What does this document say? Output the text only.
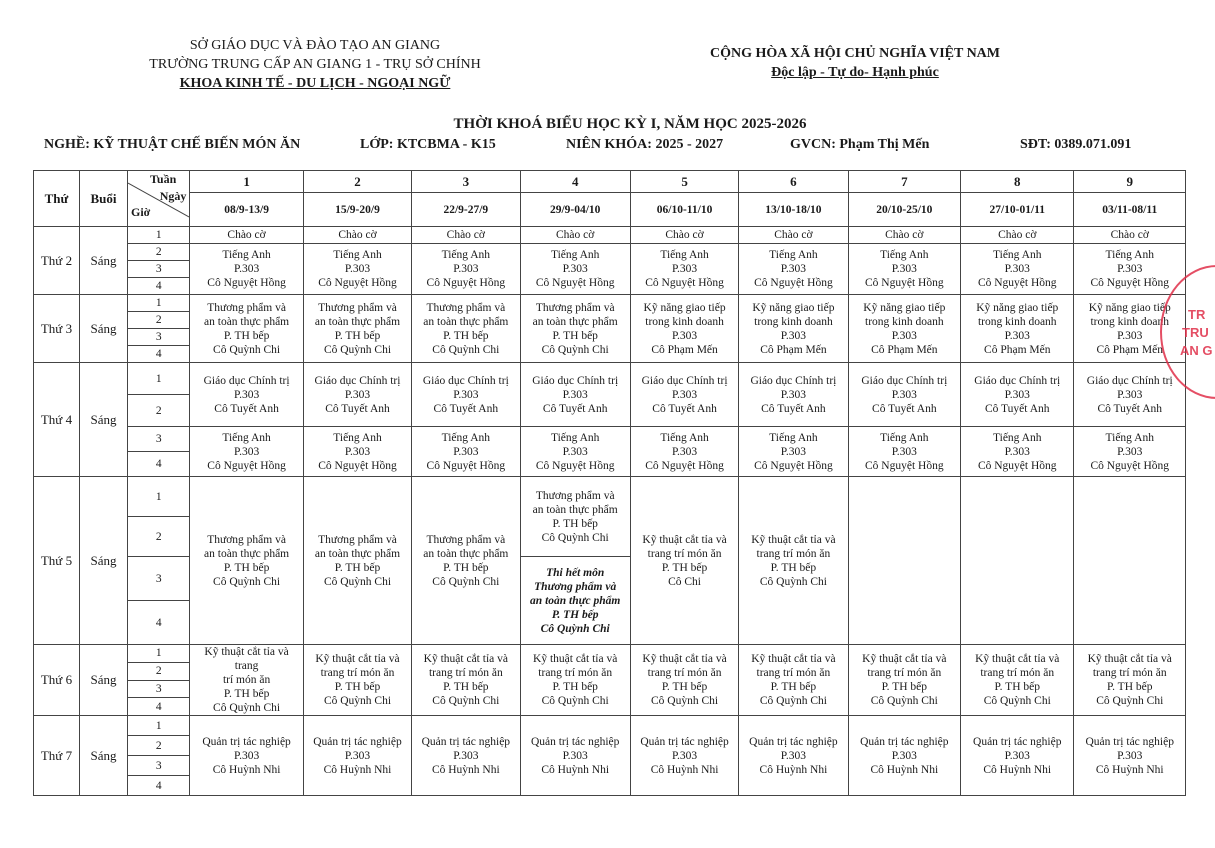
SỞ GIÁO DỤC VÀ ĐÀO TẠO AN GIANG
TRƯỜNG TRUNG CẤP AN GIANG 1 - TRỤ SỞ CHÍNH
KHOA KINH TẾ - DU LỊCH - NGOẠI NGỮ
CỘNG HÒA XÃ HỘI CHỦ NGHĨA VIỆT NAM
Độc lập - Tự do- Hạnh phúc
THỜI KHOÁ BIỂU HỌC KỲ I, NĂM HỌC 2025-2026
NGHỀ: KỸ THUẬT CHẾ BIẾN MÓN ĂN	LỚP: KTCBMA - K15	NIÊN KHÓA: 2025 - 2027	GVCN: Phạm Thị Mến	SĐT: 0389.071.091
Thứ	Buổi	Tuần
Ngày
Giờ	1	2	3	4	5	6	7	8	9
			08/9-13/9	15/9-20/9	22/9-27/9	29/9-04/10	06/10-11/10	13/10-18/10	20/10-25/10	27/10-01/11	03/11-08/11
Thứ 2	Sáng	1	Chào cờ	Chào cờ	Chào cờ	Chào cờ	Chào cờ	Chào cờ	Chào cờ	Chào cờ	Chào cờ
		2	Tiếng Anh
P.303
Cô Nguyệt Hồng	Tiếng Anh
P.303
Cô Nguyệt Hồng	Tiếng Anh
P.303
Cô Nguyệt Hồng	Tiếng Anh
P.303
Cô Nguyệt Hồng	Tiếng Anh
P.303
Cô Nguyệt Hồng	Tiếng Anh
P.303
Cô Nguyệt Hồng	Tiếng Anh
P.303
Cô Nguyệt Hồng	Tiếng Anh
P.303
Cô Nguyệt Hồng	Tiếng Anh
P.303
Cô Nguyệt Hồng

		3									
		4									
Thứ 3	Sáng	1	Thương phẩm và
an toàn thực phẩm
P. TH bếp
Cô Quỳnh Chi	Thương phẩm và
an toàn thực phẩm
P. TH bếp
Cô Quỳnh Chi	Thương phẩm và
an toàn thực phẩm
P. TH bếp
Cô Quỳnh Chi	Thương phẩm và
an toàn thực phẩm
P. TH bếp
Cô Quỳnh Chi	Kỹ năng giao tiếp
trong kinh doanh
P.303
Cô Phạm Mến	Kỹ năng giao tiếp
trong kinh doanh
P.303
Cô Phạm Mến	Kỹ năng giao tiếp
trong kinh doanh
P.303
Cô Phạm Mến	Kỹ năng giao tiếp
trong kinh doanh
P.303
Cô Phạm Mến	Kỹ năng giao tiếp
trong kinh doanh
P.303
Cô Phạm Mến

		2									
		3									
		4									
Thứ 4	Sáng	1	Giáo dục Chính trị
P.303
Cô Tuyết Anh	Giáo dục Chính trị
P.303
Cô Tuyết Anh	Giáo dục Chính trị
P.303
Cô Tuyết Anh	Giáo dục Chính trị
P.303
Cô Tuyết Anh	Giáo dục Chính trị
P.303
Cô Tuyết Anh	Giáo dục Chính trị
P.303
Cô Tuyết Anh	Giáo dục Chính trị
P.303
Cô Tuyết Anh	Giáo dục Chính trị
P.303
Cô Tuyết Anh	Giáo dục Chính trị
P.303
Cô Tuyết Anh

		2									
		3	Tiếng Anh
P.303
Cô Nguyệt Hồng	Tiếng Anh
P.303
Cô Nguyệt Hồng	Tiếng Anh
P.303
Cô Nguyệt Hồng	Tiếng Anh
P.303
Cô Nguyệt Hồng	Tiếng Anh
P.303
Cô Nguyệt Hồng	Tiếng Anh
P.303
Cô Nguyệt Hồng	Tiếng Anh
P.303
Cô Nguyệt Hồng	Tiếng Anh
P.303
Cô Nguyệt Hồng	Tiếng Anh
P.303
Cô Nguyệt Hồng

		4									
Thứ 5	Sáng	1	Thương phẩm và
an toàn thực phẩm
P. TH bếp
Cô Quỳnh Chi	Thương phẩm và
an toàn thực phẩm
P. TH bếp
Cô Quỳnh Chi	Thương phẩm và
an toàn thực phẩm
P. TH bếp
Cô Quỳnh Chi	Thương phẩm và
an toàn thực phẩm
P. TH bếp
Cô Quỳnh Chi	Kỹ thuật cắt tỉa và
trang trí món ăn
P. TH bếp
Cô Chi	Kỹ thuật cắt tỉa và
trang trí món ăn
P. TH bếp
Cô Quỳnh Chi			

		2									
		3				Thi hết môn
Thương phẩm và
an toàn thực phẩm
P. TH bếp
Cô Quỳnh Chi					

		4									
Thứ 6	Sáng	1	Kỹ thuật cắt tỉa và trang
trí món ăn
P. TH bếp
Cô Quỳnh Chi	Kỹ thuật cắt tỉa và
trang trí món ăn
P. TH bếp
Cô Quỳnh Chi	Kỹ thuật cắt tỉa và
trang trí món ăn
P. TH bếp
Cô Quỳnh Chi	Kỹ thuật cắt tỉa và
trang trí món ăn
P. TH bếp
Cô Quỳnh Chi	Kỹ thuật cắt tỉa và
trang trí món ăn
P. TH bếp
Cô Quỳnh Chi	Kỹ thuật cắt tỉa và
trang trí món ăn
P. TH bếp
Cô Quỳnh Chi	Kỹ thuật cắt tỉa và
trang trí món ăn
P. TH bếp
Cô Quỳnh Chi	Kỹ thuật cắt tỉa và
trang trí món ăn
P. TH bếp
Cô Quỳnh Chi	Kỹ thuật cắt tỉa và
trang trí món ăn
P. TH bếp
Cô Quỳnh Chi

		2									
		3									
		4									
Thứ 7	Sáng	1	Quản trị tác nghiệp
P.303
Cô Huỳnh Nhi	Quản trị tác nghiệp
P.303
Cô Huỳnh Nhi	Quản trị tác nghiệp
P.303
Cô Huỳnh Nhi	Quản trị tác nghiệp
P.303
Cô Huỳnh Nhi	Quản trị tác nghiệp
P.303
Cô Huỳnh Nhi	Quản trị tác nghiệp
P.303
Cô Huỳnh Nhi	Quản trị tác nghiệp
P.303
Cô Huỳnh Nhi	Quản trị tác nghiệp
P.303
Cô Huỳnh Nhi	Quản trị tác nghiệp
P.303
Cô Huỳnh Nhi

		2									
		3									
		4									
TR
TRU
AN G
